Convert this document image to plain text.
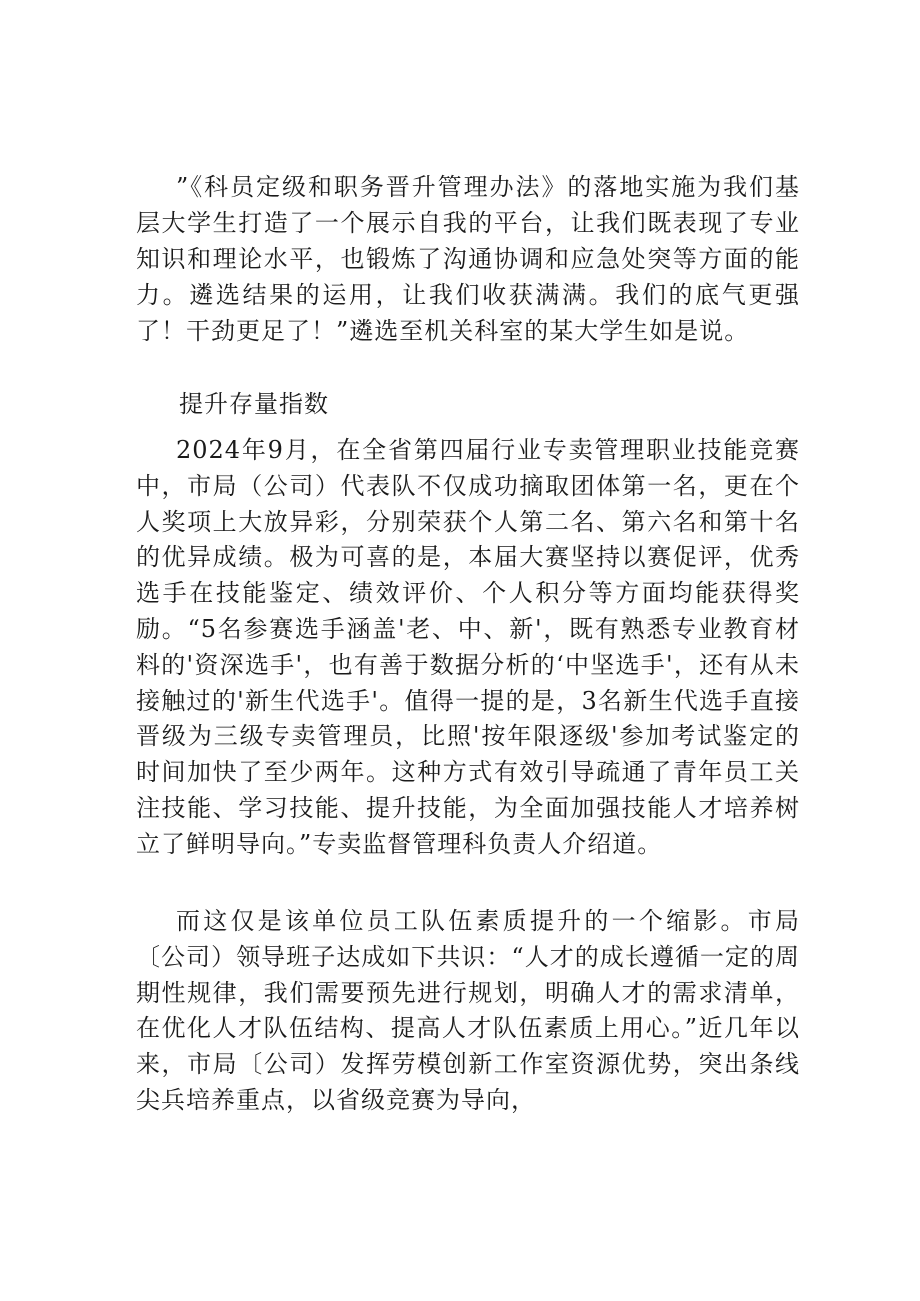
”《科员定级和职务晋升管理办法》的落地实施为我们基层大学生打造了一个展示自我的平台，让我们既表现了专业知识和理论水平，也锻炼了沟通协调和应急处突等方面的能力。遴选结果的运用，让我们收获满满。我们的底气更强了！干劲更足了！”遴选至机关科室的某大学生如是说。

提升存量指数

2024年9月，在全省第四届行业专卖管理职业技能竞赛中，市局（公司）代表队不仅成功摘取团体第一名，更在个人奖项上大放异彩，分别荣获个人第二名、第六名和第十名的优异成绩。极为可喜的是，本届大赛坚持以赛促评，优秀选手在技能鉴定、绩效评价、个人积分等方面均能获得奖励。“5名参赛选手涵盖'老、中、新'，既有熟悉专业教育材料的'资深选手'，也有善于数据分析的‘中坚选手'，还有从未接触过的'新生代选手'。值得一提的是，3名新生代选手直接晋级为三级专卖管理员，比照'按年限逐级'参加考试鉴定的时间加快了至少两年。这种方式有效引导疏通了青年员工关注技能、学习技能、提升技能，为全面加强技能人才培养树立了鲜明导向。”专卖监督管理科负责人介绍道。

而这仅是该单位员工队伍素质提升的一个缩影。市局〔公司）领导班子达成如下共识：“人才的成长遵循一定的周期性规律，我们需要预先进行规划，明确人才的需求清单，在优化人才队伍结构、提高人才队伍素质上用心。”近几年以来，市局〔公司）发挥劳模创新工作室资源优势，突出条线尖兵培养重点，以省级竞赛为导向，
